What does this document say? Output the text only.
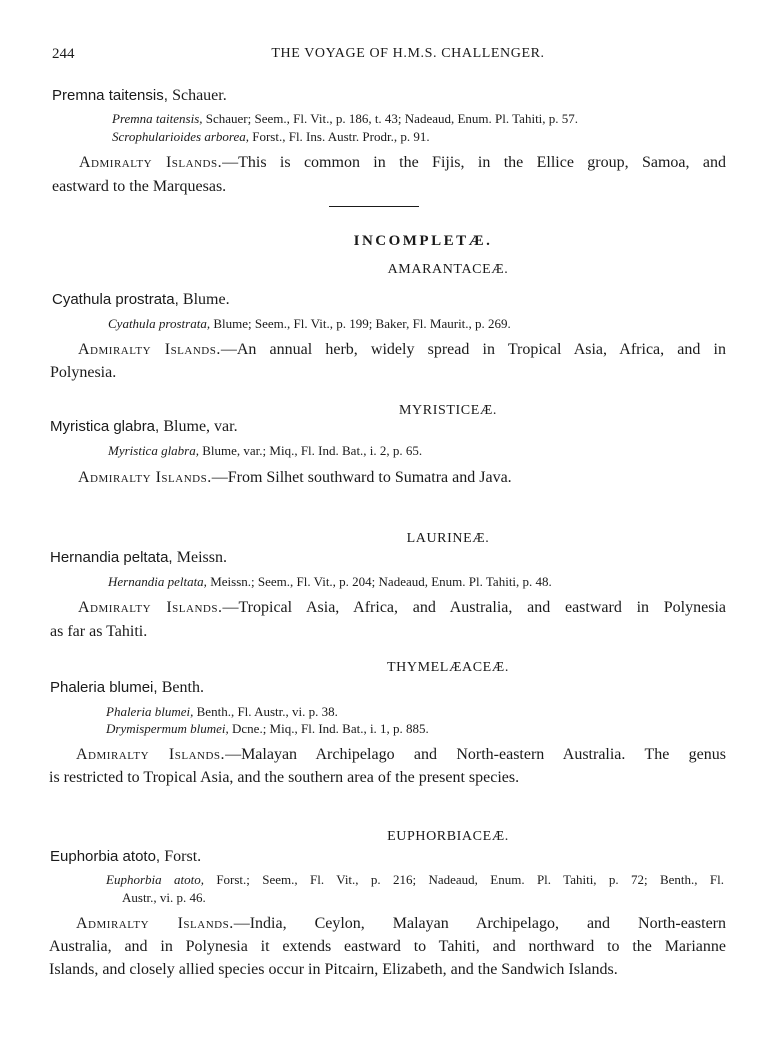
244	THE VOYAGE OF H.M.S. CHALLENGER.
Premna taitensis, Schauer.
Premna taitensis, Schauer; Seem., Fl. Vit., p. 186, t. 43; Nadeaud, Enum. Pl. Tahiti, p. 57.
Scrophularioides arborea, Forst., Fl. Ins. Austr. Prodr., p. 91.
Admiralty Islands.—This is common in the Fijis, in the Ellice group, Samoa, and
eastward to the Marquesas.
INCOMPLETÆ.
AMARANTACEÆ.
Cyathula prostrata, Blume.
Cyathula prostrata, Blume; Seem., Fl. Vit., p. 199; Baker, Fl. Maurit., p. 269.
Admiralty Islands.—An annual herb, widely spread in Tropical Asia, Africa, and in
Polynesia.
MYRISTICEÆ.
Myristica glabra, Blume, var.
Myristica glabra, Blume, var.; Miq., Fl. Ind. Bat., i. 2, p. 65.
Admiralty Islands.—From Silhet southward to Sumatra and Java.
LAURINEÆ.
Hernandia peltata, Meissn.
Hernandia peltata, Meissn.; Seem., Fl. Vit., p. 204; Nadeaud, Enum. Pl. Tahiti, p. 48.
Admiralty Islands.—Tropical Asia, Africa, and Australia, and eastward in Polynesia
as far as Tahiti.
THYMELÆACEÆ.
Phaleria blumei, Benth.
Phaleria blumei, Benth., Fl. Austr., vi. p. 38.
Drymispermum blumei, Dcne.; Miq., Fl. Ind. Bat., i. 1, p. 885.
Admiralty Islands.—Malayan Archipelago and North-eastern Australia. The genus
is restricted to Tropical Asia, and the southern area of the present species.
EUPHORBIACEÆ.
Euphorbia atoto, Forst.
Euphorbia atoto, Forst.; Seem., Fl. Vit., p. 216; Nadeaud, Enum. Pl. Tahiti, p. 72; Benth., Fl.
Austr., vi. p. 46.
Admiralty Islands.—India, Ceylon, Malayan Archipelago, and North-eastern
Australia, and in Polynesia it extends eastward to Tahiti, and northward to the Marianne
Islands, and closely allied species occur in Pitcairn, Elizabeth, and the Sandwich Islands.
